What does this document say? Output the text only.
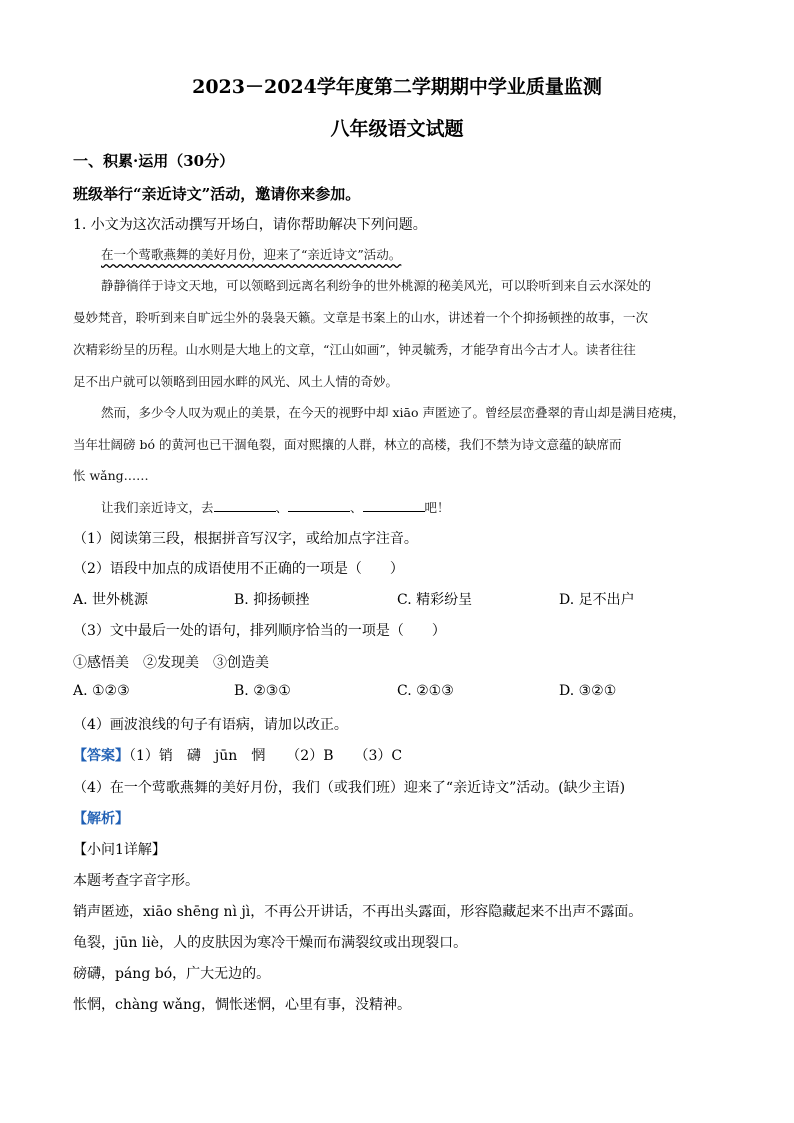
2023－2024学年度第二学期期中学业质量监测
八年级语文试题
一、积累·运用（30分）
班级举行“亲近诗文”活动，邀请你来参加。
1. 小文为这次活动撰写开场白，请你帮助解决下列问题。
在一个莺歌燕舞的美好月份，迎来了“亲近诗文”活动。
静静徜徉于诗文天地，可以领略到远离名利纷争的世外桃源的秘美风光，可以聆听到来自云水深处的
曼妙梵音，聆听到来自旷远尘外的袅袅天籁。文章是书案上的山水，讲述着一个个抑扬顿挫的故事，一次
次精彩纷呈的历程。山水则是大地上的文章，“江山如画”，钟灵毓秀，才能孕育出今古才人。读者往往
足不出户就可以领略到田园水畔的风光、风土人情的奇妙。
然而，多少令人叹为观止的美景，在今天的视野中却 xiāo 声匿迹了。曾经层峦叠翠的青山却是满目疮痍，
当年壮阔磅 bó 的黄河也已干涸龟裂，面对熙攘的人群，林立的高楼，我们不禁为诗文意蕴的缺席而
怅 wǎng……
让我们亲近诗文，去	、	、	吧！
（1）阅读第三段，根据拼音写汉字，或给加点字注音。
（2）语段中加点的成语使用不正确的一项是（　　）
A. 世外桃源	B. 抑扬顿挫	C. 精彩纷呈	D. 足不出户
（3）文中最后一处的语句，排列顺序恰当的一项是（　　）
①感悟美　②发现美　③创造美
A. ①②③	B. ②③①	C. ②①③	D. ③②①
（4）画波浪线的句子有语病，请加以改正。
【答案】（1）销　礴　jūn　惘　　（2）B　　（3）C
（4）在一个莺歌燕舞的美好月份，我们（或我们班）迎来了“亲近诗文”活动。(缺少主语)
【解析】
【小问1详解】
本题考查字音字形。
销声匿迹，xiāo shēng nì jì，不再公开讲话，不再出头露面，形容隐藏起来不出声不露面。
龟裂，jūn liè，人的皮肤因为寒冷干燥而布满裂纹或出现裂口。
磅礴，páng bó，广大无边的。
怅惘，chàng wǎng，惆怅迷惘，心里有事，没精神。
